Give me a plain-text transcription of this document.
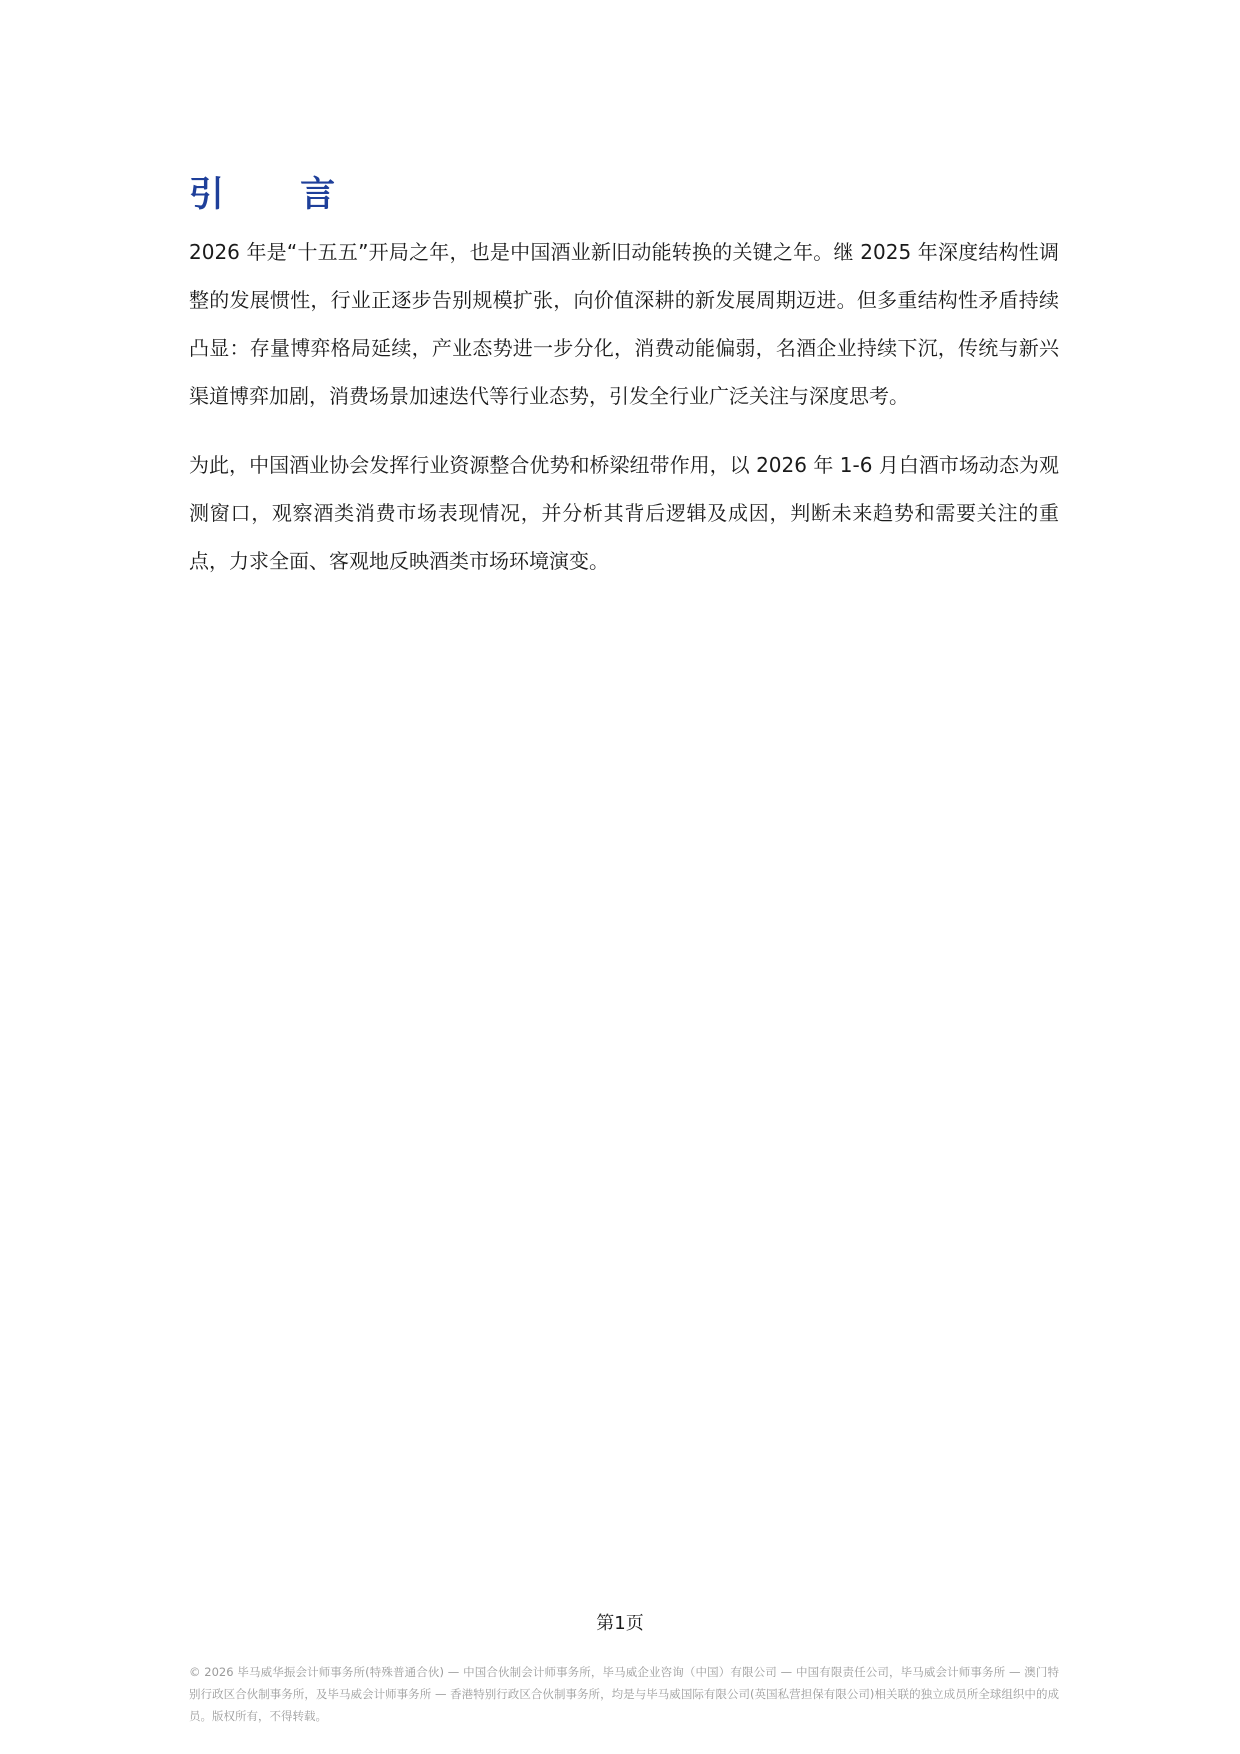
引 言

2026 年是“十五五”开局之年，也是中国酒业新旧动能转换的关键之年。继 2025 年深度结构性调整的发展惯性，行业正逐步告别规模扩张，向价值深耕的新发展周期迈进。但多重结构性矛盾持续凸显：存量博弈格局延续，产业态势进一步分化，消费动能偏弱，名酒企业持续下沉，传统与新兴渠道博弈加剧，消费场景加速迭代等行业态势，引发全行业广泛关注与深度思考。

为此，中国酒业协会发挥行业资源整合优势和桥梁纽带作用，以 2026 年 1-6 月白酒市场动态为观测窗口，观察酒类消费市场表现情况，并分析其背后逻辑及成因，判断未来趋势和需要关注的重点，力求全面、客观地反映酒类市场环境演变。

第1页
© 2026 毕马威华振会计师事务所(特殊普通合伙) — 中国合伙制会计师事务所，毕马威企业咨询（中国）有限公司 — 中国有限责任公司，毕马威会计师事务所 — 澳门特别行政区合伙制事务所，及毕马威会计师事务所 — 香港特别行政区合伙制事务所，均是与毕马威国际有限公司(英国私营担保有限公司)相关联的独立成员所全球组织中的成员。版权所有，不得转载。
